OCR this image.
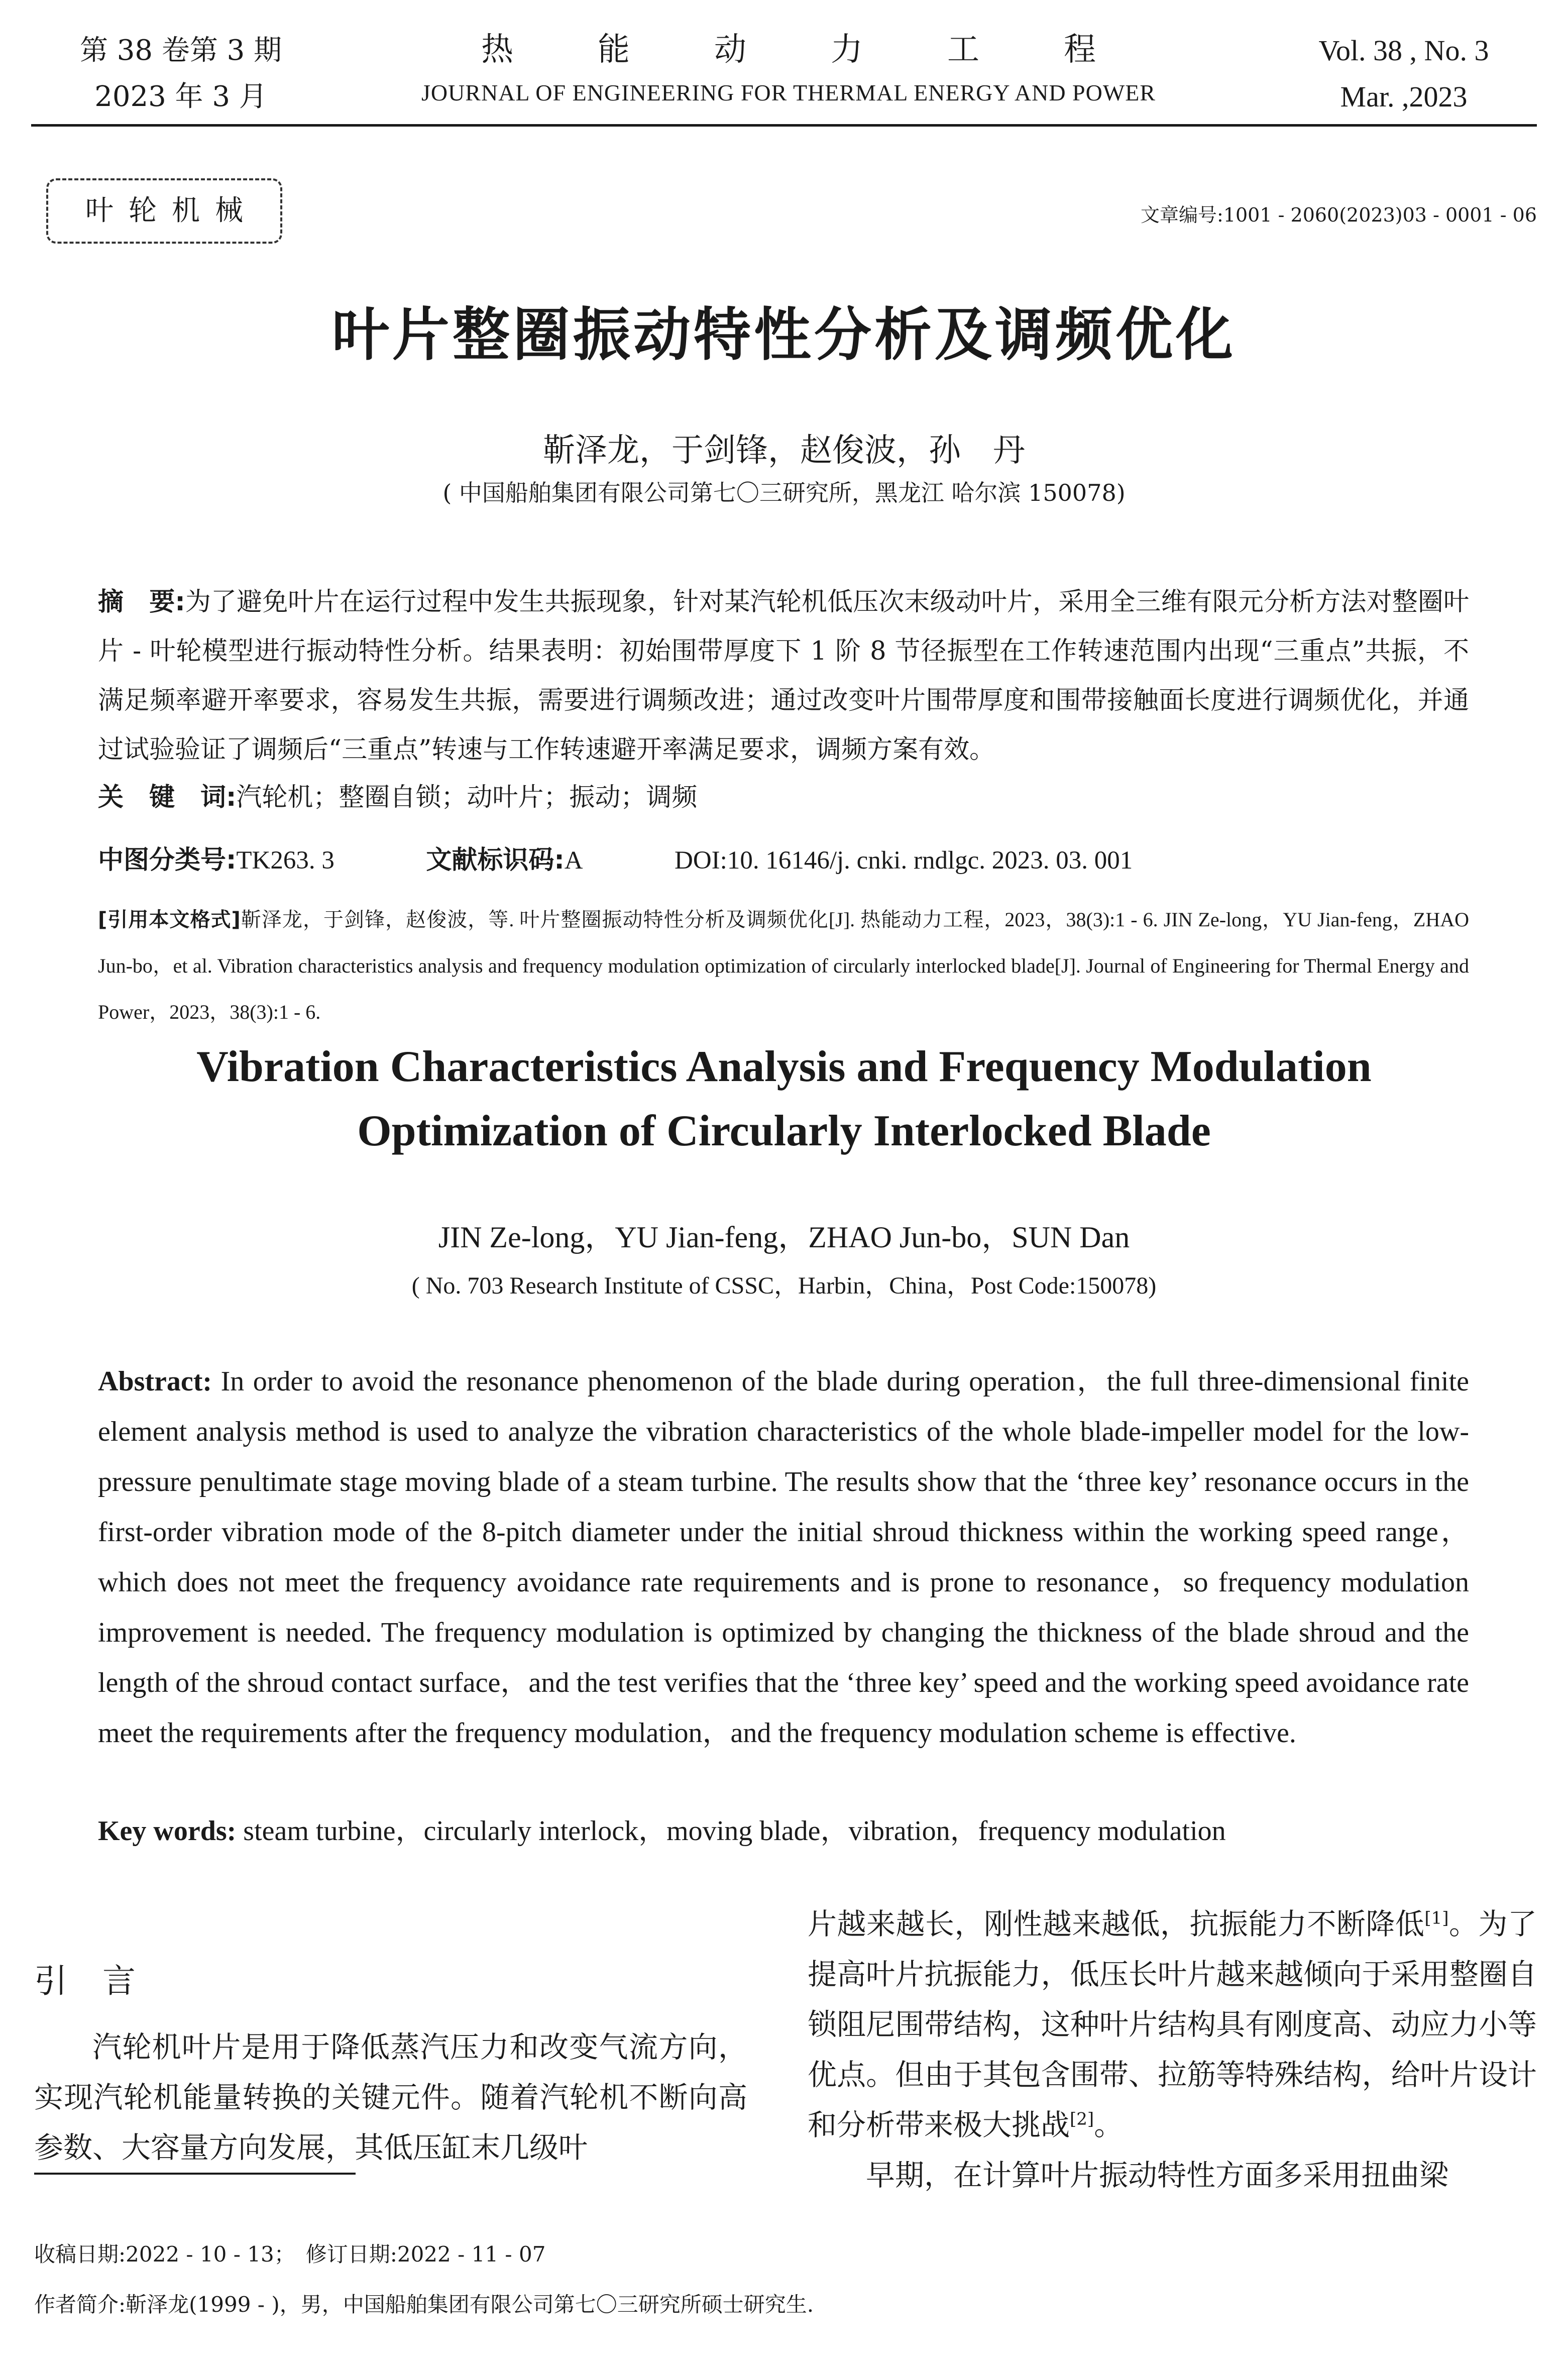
第 38 卷第 3 期
2023 年 3 月
热能动力工程
JOURNAL OF ENGINEERING FOR THERMAL ENERGY AND POWER
Vol. 38 , No. 3
Mar. ,2023
叶轮机械	文章编号:1001 - 2060(2023)03 - 0001 - 06
叶片整圈振动特性分析及调频优化
靳泽龙，于剑锋，赵俊波，孙　丹
( 中国船舶集团有限公司第七〇三研究所，黑龙江 哈尔滨 150078)
摘　要:为了避免叶片在运行过程中发生共振现象，针对某汽轮机低压次末级动叶片，采用全三维有限元分析方法对整圈叶片 - 叶轮模型进行振动特性分析。结果表明：初始围带厚度下 1 阶 8 节径振型在工作转速范围内出现“三重点”共振，不满足频率避开率要求，容易发生共振，需要进行调频改进；通过改变叶片围带厚度和围带接触面长度进行调频优化，并通过试验验证了调频后“三重点”转速与工作转速避开率满足要求，调频方案有效。
关　键　词:汽轮机；整圈自锁；动叶片；振动；调频
中图分类号:TK263. 3	文献标识码:A	DOI:10. 16146/j. cnki. rndlgc. 2023. 03. 001
[引用本文格式]靳泽龙，于剑锋，赵俊波，等. 叶片整圈振动特性分析及调频优化[J]. 热能动力工程，2023，38(3):1 - 6. JIN Ze-long，YU Jian-feng，ZHAO Jun-bo，et al. Vibration characteristics analysis and frequency modulation optimization of circularly interlocked blade[J]. Journal of Engineering for Thermal Energy and Power，2023，38(3):1 - 6.
Vibration Characteristics Analysis and Frequency Modulation
Optimization of Circularly Interlocked Blade
JIN Ze-long，YU Jian-feng，ZHAO Jun-bo，SUN Dan
( No. 703 Research Institute of CSSC，Harbin，China，Post Code:150078)
Abstract: In order to avoid the resonance phenomenon of the blade during operation，the full three-dimensional finite element analysis method is used to analyze the vibration characteristics of the whole blade-impeller model for the low-pressure penultimate stage moving blade of a steam turbine. The results show that the ‘three key’ resonance occurs in the first-order vibration mode of the 8-pitch diameter under the initial shroud thickness within the working speed range，which does not meet the frequency avoidance rate requirements and is prone to resonance，so frequency modulation improvement is needed. The frequency modulation is optimized by changing the thickness of the blade shroud and the length of the shroud contact surface，and the test verifies that the ‘three key’ speed and the working speed avoidance rate meet the requirements after the frequency modulation，and the frequency modulation scheme is effective.
Key words: steam turbine，circularly interlock，moving blade，vibration，frequency modulation
引言
汽轮机叶片是用于降低蒸汽压力和改变气流方向，实现汽轮机能量转换的关键元件。随着汽轮机不断向高参数、大容量方向发展，其低压缸末几级叶

片越来越长，刚性越来越低，抗振能力不断降低[1]。为了提高叶片抗振能力，低压长叶片越来越倾向于采用整圈自锁阻尼围带结构，这种叶片结构具有刚度高、动应力小等优点。但由于其包含围带、拉筋等特殊结构，给叶片设计和分析带来极大挑战[2]。

早期，在计算叶片振动特性方面多采用扭曲梁

收稿日期:2022 - 10 - 13；　修订日期:2022 - 11 - 07
作者简介:靳泽龙(1999 - )，男，中国船舶集团有限公司第七〇三研究所硕士研究生.
